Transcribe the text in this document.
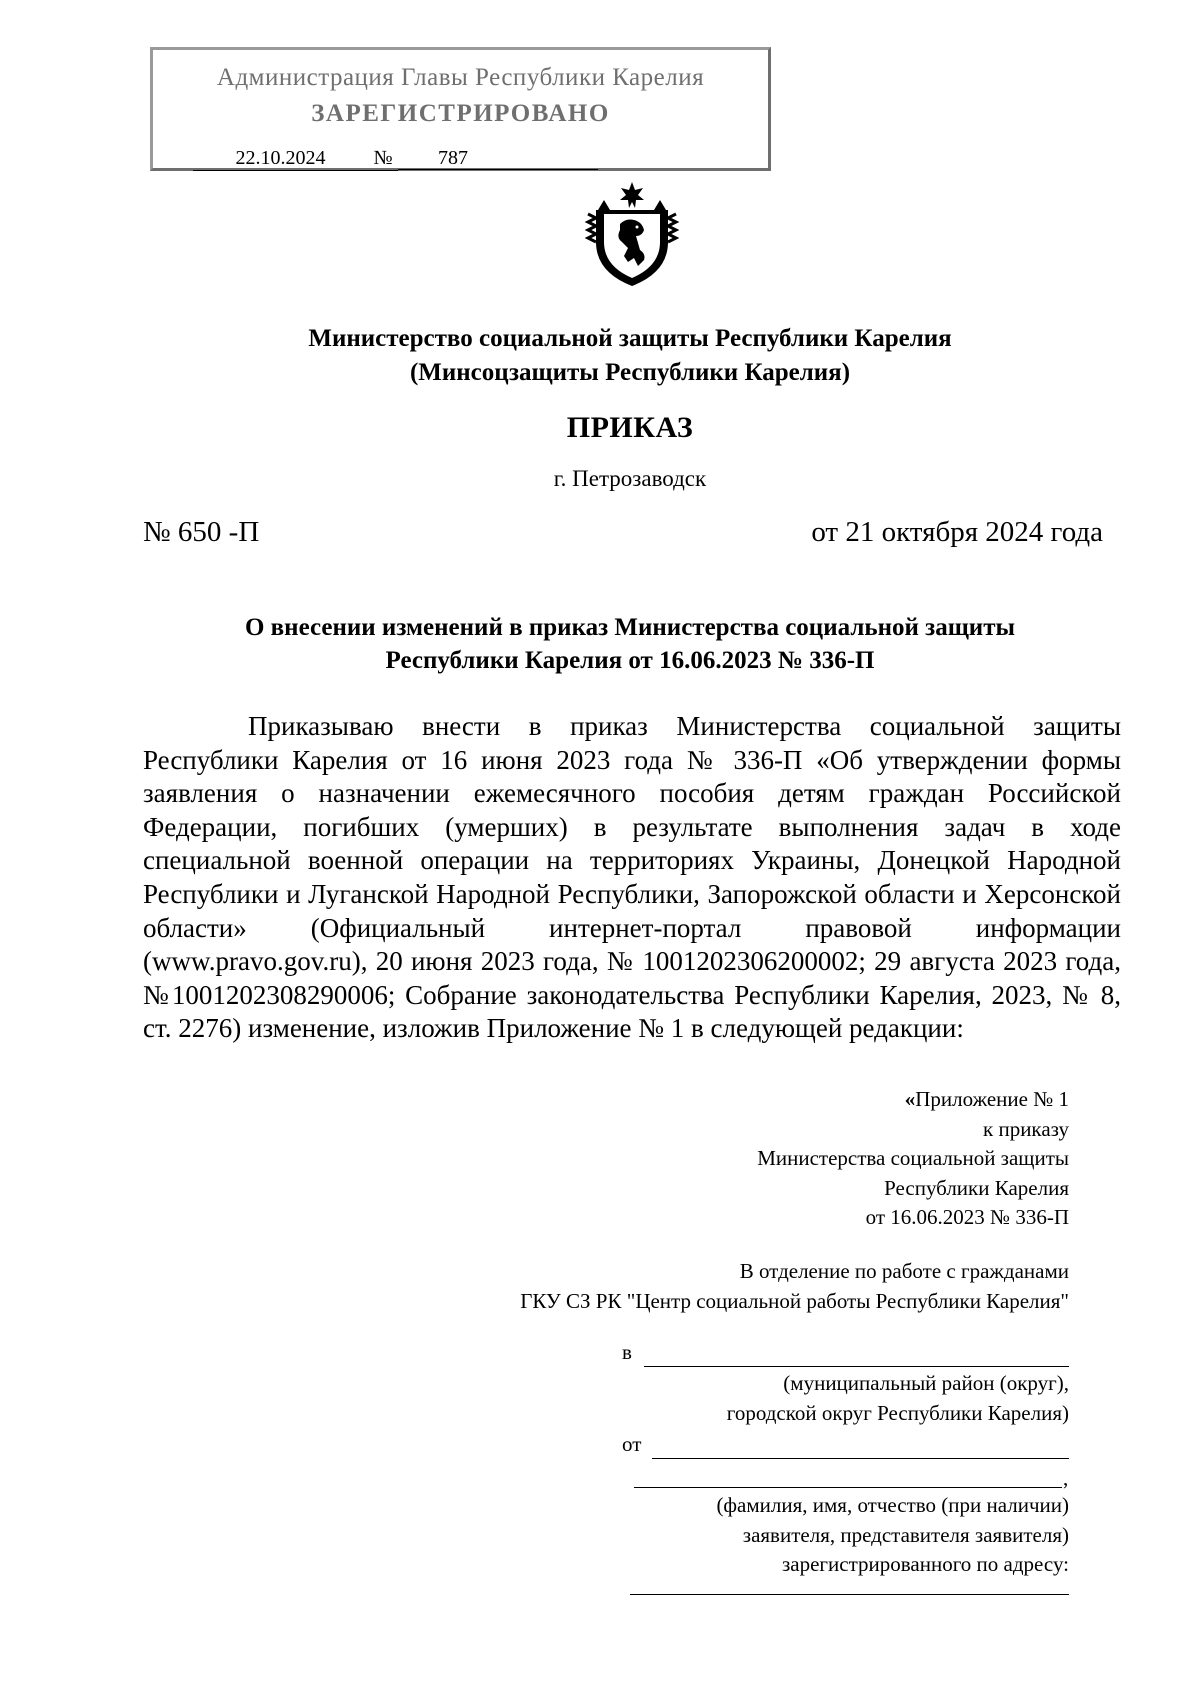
Администрация Главы Республики Карелия
ЗАРЕГИСТРИРОВАНО
22.10.2024	№	787
Министерство социальной защиты Республики Карелия
(Минсоцзащиты Республики Карелия)
ПРИКАЗ
г. Петрозаводск
№ 650 -П	от 21 октября 2024 года
О внесении изменений в приказ Министерства социальной защиты
Республики Карелия от 16.06.2023 № 336-П

Приказываю внести в приказ Министерства социальной защиты Республики Карелия от 16 июня 2023 года № 336-П «Об утверждении формы заявления о назначении ежемесячного пособия детям граждан Российской Федерации, погибших (умерших) в результате выполнения задач в ходе специальной военной операции на территориях Украины, Донецкой Народной Республики и Луганской Народной Республики, Запорожской области и Херсонской области» (Официальный интернет-портал правовой информации (www.pravo.gov.ru), 20 июня 2023 года, № 1001202306200002; 29 августа 2023 года, №1001202308290006; Собрание законодательства Республики Карелия, 2023, № 8, ст. 2276) изменение, изложив Приложение № 1 в следующей редакции:

«Приложение № 1
к приказу
Министерства социальной защиты
Республики Карелия
от 16.06.2023 № 336-П
В отделение по работе с гражданами
ГКУ СЗ РК "Центр социальной работы Республики Карелия"
в
(муниципальный район (округ),
городской округ Республики Карелия)
от
,
(фамилия, имя, отчество (при наличии)
заявителя, представителя заявителя)
зарегистрированного по адресу:
